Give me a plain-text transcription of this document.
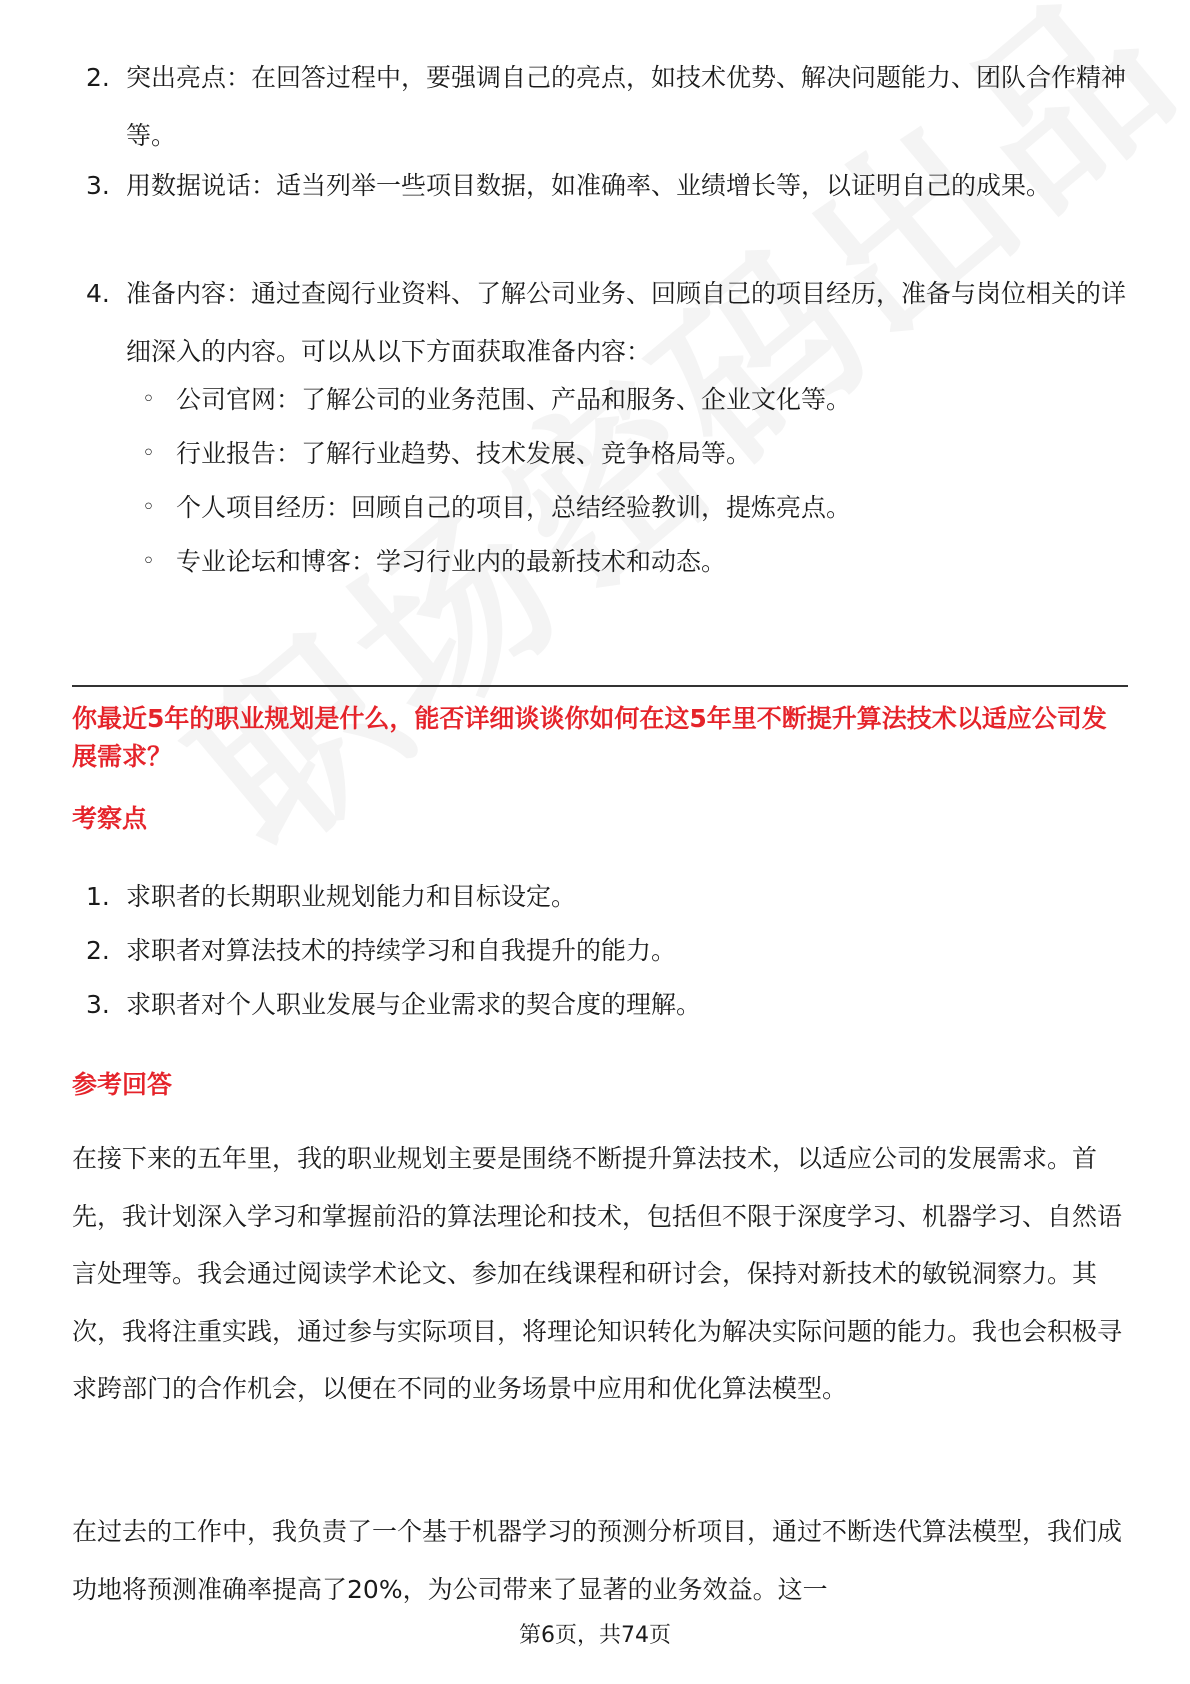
2. 突出亮点：在回答过程中，要强调自己的亮点，如技术优势、解决问题能力、团队合作精神等。
3. 用数据说话：适当列举一些项目数据，如准确率、业绩增长等，以证明自己的成果。
4. 准备内容：通过查阅行业资料、了解公司业务、回顾自己的项目经历，准备与岗位相关的详细深入的内容。可以从以下方面获取准备内容：
◦ 公司官网：了解公司的业务范围、产品和服务、企业文化等。
◦ 行业报告：了解行业趋势、技术发展、竞争格局等。
◦ 个人项目经历：回顾自己的项目，总结经验教训，提炼亮点。
◦ 专业论坛和博客：学习行业内的最新技术和动态。
你最近5年的职业规划是什么，能否详细谈谈你如何在这5年里不断提升算法技术以适应公司发展需求？
考察点
1. 求职者的长期职业规划能力和目标设定。
2. 求职者对算法技术的持续学习和自我提升的能力。
3. 求职者对个人职业发展与企业需求的契合度的理解。
参考回答
在接下来的五年里，我的职业规划主要是围绕不断提升算法技术，以适应公司的发展需求。首先，我计划深入学习和掌握前沿的算法理论和技术，包括但不限于深度学习、机器学习、自然语言处理等。我会通过阅读学术论文、参加在线课程和研讨会，保持对新技术的敏锐洞察力。其次，我将注重实践，通过参与实际项目，将理论知识转化为解决实际问题的能力。我也会积极寻求跨部门的合作机会，以便在不同的业务场景中应用和优化算法模型。
在过去的工作中，我负责了一个基于机器学习的预测分析项目，通过不断迭代算法模型，我们成功地将预测准确率提高了20%，为公司带来了显著的业务效益。这一
第6页，共74页
